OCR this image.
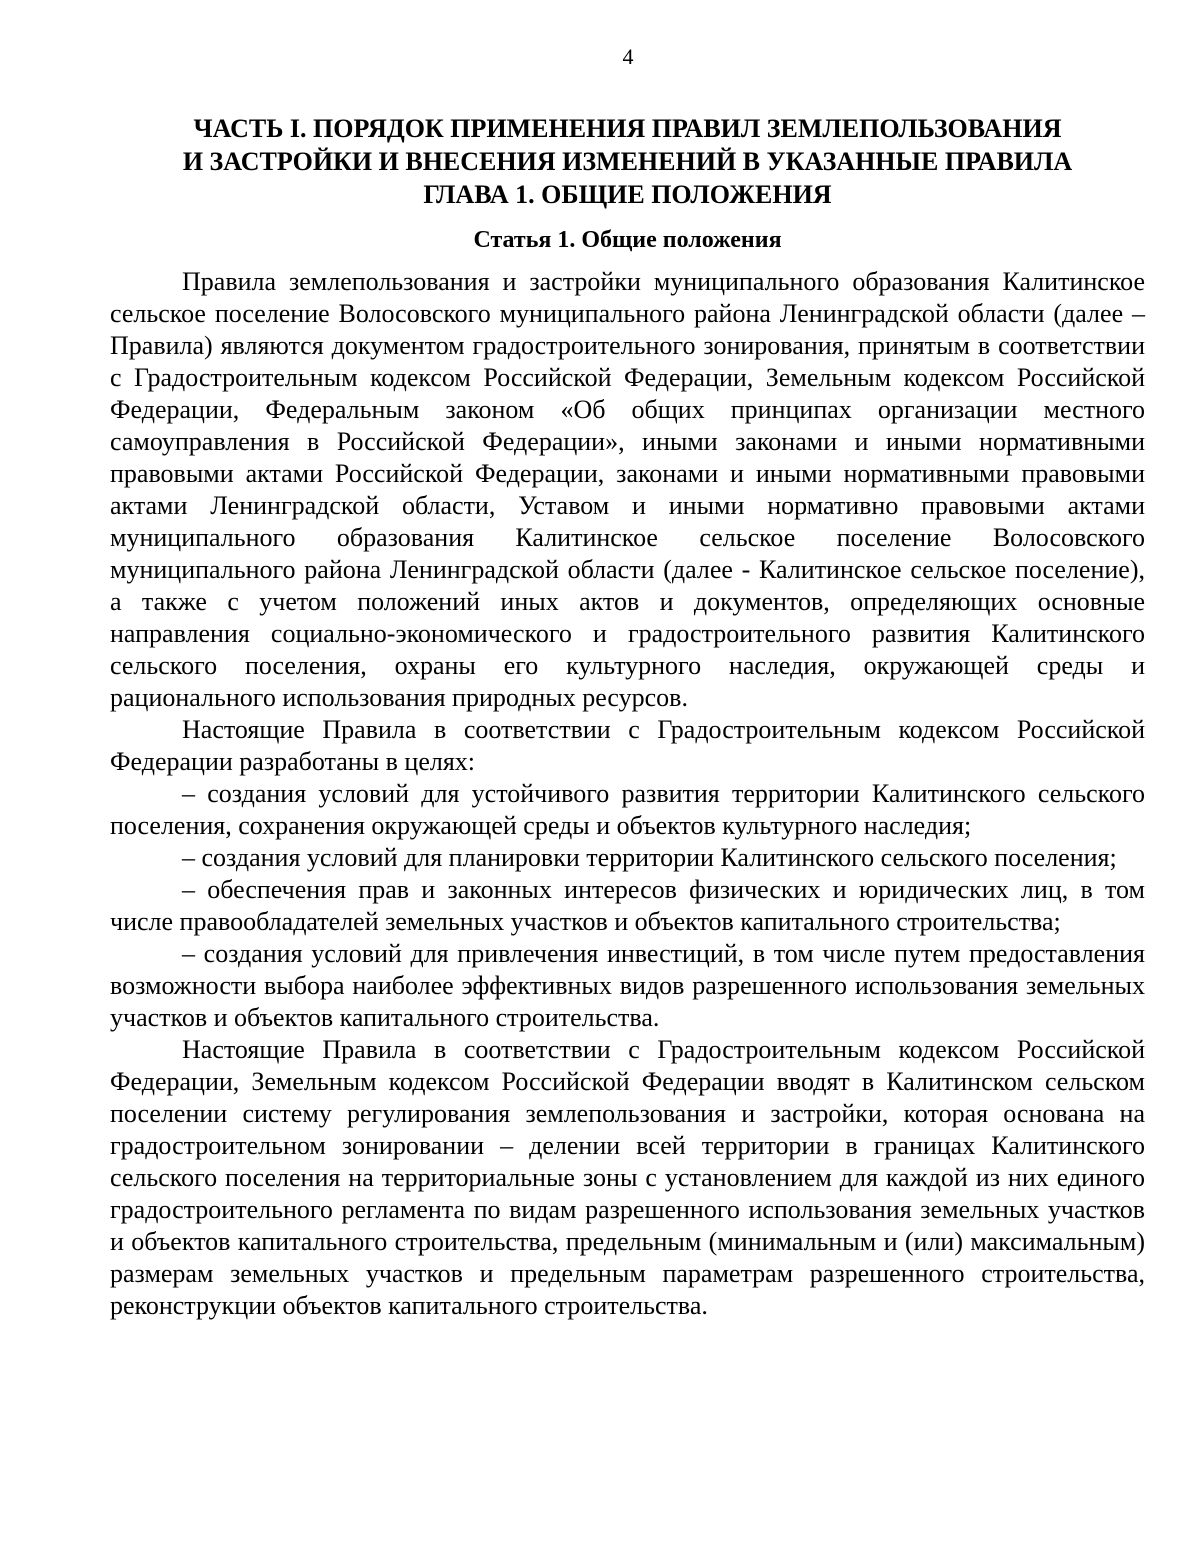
4
ЧАСТЬ I. ПОРЯДОК ПРИМЕНЕНИЯ ПРАВИЛ ЗЕМЛЕПОЛЬЗОВАНИЯ
И ЗАСТРОЙКИ И ВНЕСЕНИЯ ИЗМЕНЕНИЙ В УКАЗАННЫЕ ПРАВИЛА
ГЛАВА 1. ОБЩИЕ ПОЛОЖЕНИЯ
Статья 1. Общие положения

Правила землепользования и застройки муниципального образования Калитинское сельское поселение Волосовского муниципального района Ленинградской области (далее – Правила) являются документом градостроительного зонирования, принятым в соответствии с Градостроительным кодексом Российской Федерации, Земельным кодексом Российской Федерации, Федеральным законом «Об общих принципах организации местного самоуправления в Российской Федерации», иными законами и иными нормативными правовыми актами Российской Федерации, законами и иными нормативными правовыми актами Ленинградской области, Уставом и иными нормативно правовыми актами муниципального образования Калитинское сельское поселение Волосовского муниципального района Ленинградской области (далее - Калитинское сельское поселение), а также с учетом положений иных актов и документов, определяющих основные направления социально-экономического и градостроительного развития Калитинского сельского поселения, охраны его культурного наследия, окружающей среды и рационального использования природных ресурсов.

Настоящие Правила в соответствии с Градостроительным кодексом Российской Федерации разработаны в целях:

– создания условий для устойчивого развития территории Калитинского сельского поселения, сохранения окружающей среды и объектов культурного наследия;

– создания условий для планировки территории Калитинского сельского поселения;

– обеспечения прав и законных интересов физических и юридических лиц, в том числе правообладателей земельных участков и объектов капитального строительства;

– создания условий для привлечения инвестиций, в том числе путем предоставления возможности выбора наиболее эффективных видов разрешенного использования земельных участков и объектов капитального строительства.

Настоящие Правила в соответствии с Градостроительным кодексом Российской Федерации, Земельным кодексом Российской Федерации вводят в Калитинском сельском поселении систему регулирования землепользования и застройки, которая основана на градостроительном зонировании – делении всей территории в границах Калитинского сельского поселения на территориальные зоны с установлением для каждой из них единого градостроительного регламента по видам разрешенного использования земельных участков и объектов капитального строительства, предельным (минимальным и (или) максимальным) размерам земельных участков и предельным параметрам разрешенного строительства, реконструкции объектов капитального строительства.
